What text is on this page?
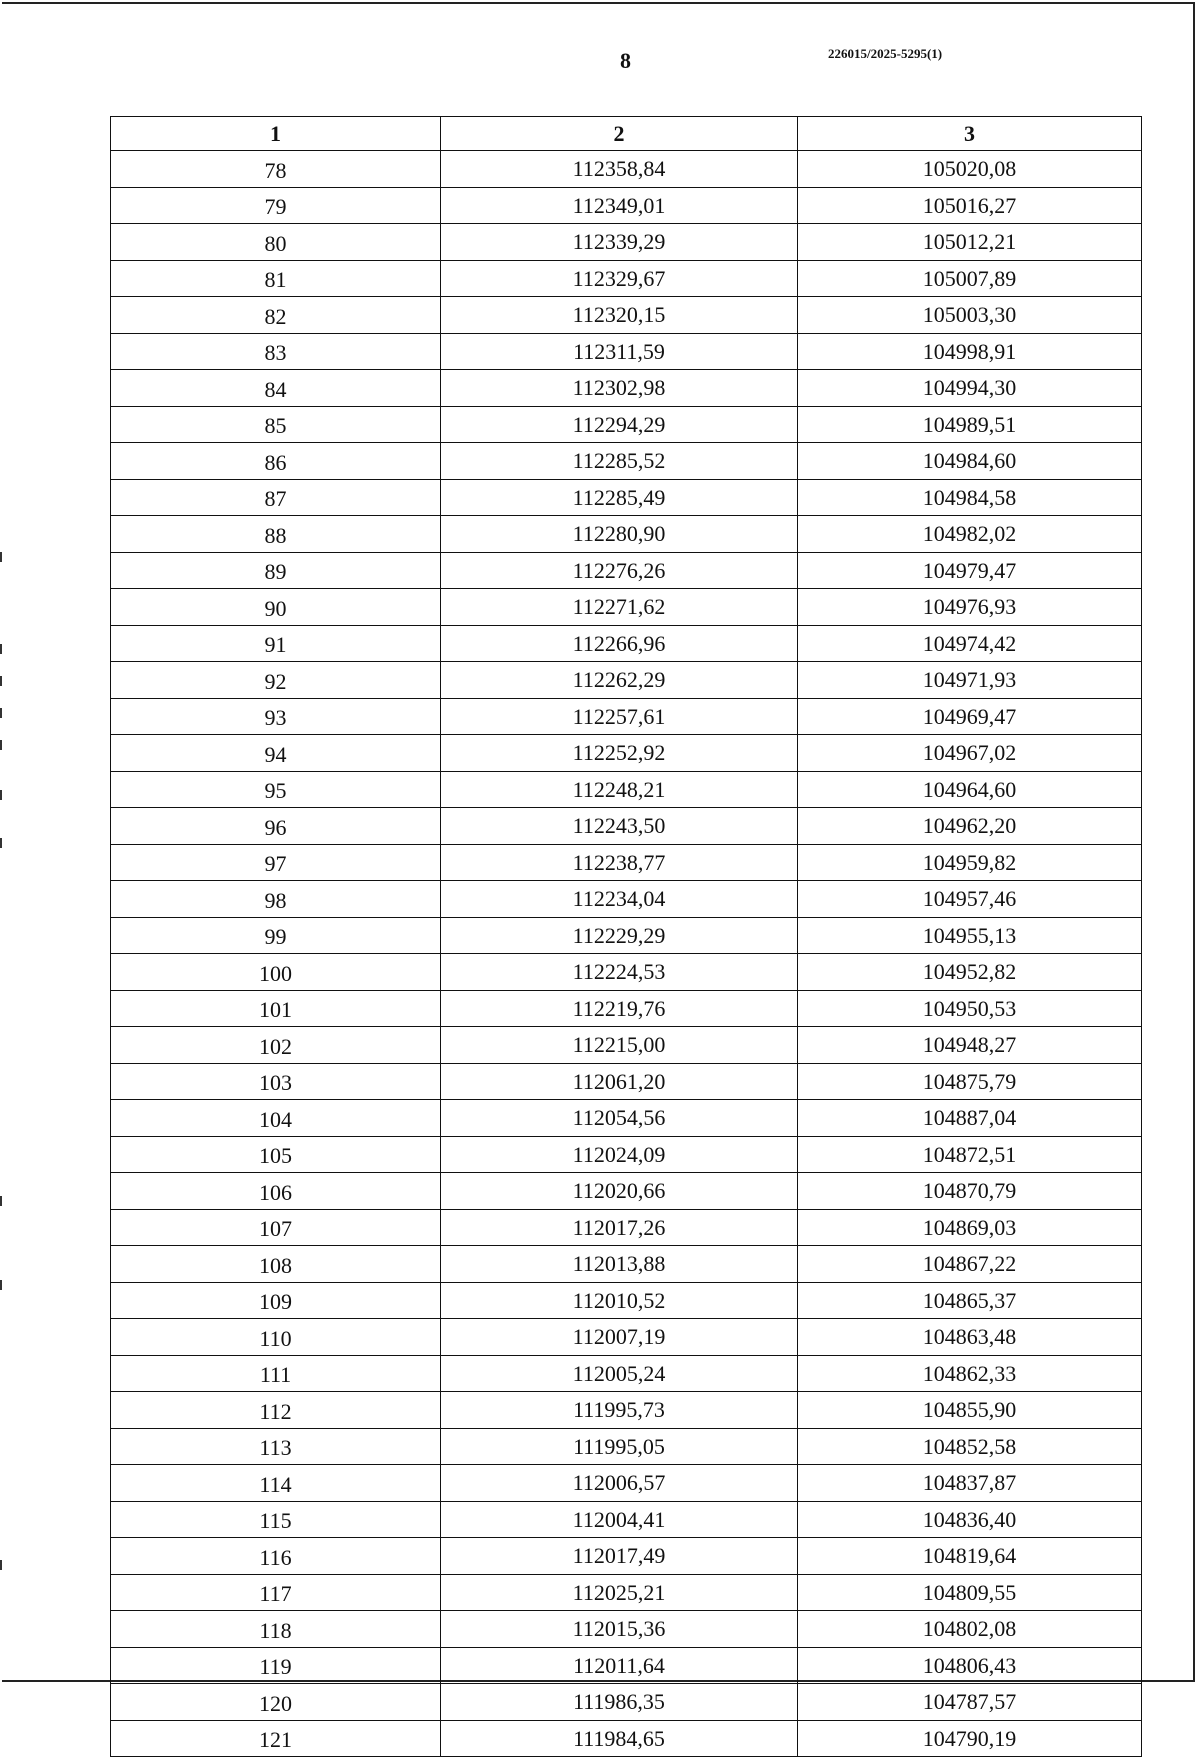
8	226015/2025-5295(1)
1	2	3
78	112358,84	105020,08
79	112349,01	105016,27
80	112339,29	105012,21
81	112329,67	105007,89
82	112320,15	105003,30
83	112311,59	104998,91
84	112302,98	104994,30
85	112294,29	104989,51
86	112285,52	104984,60
87	112285,49	104984,58
88	112280,90	104982,02
89	112276,26	104979,47
90	112271,62	104976,93
91	112266,96	104974,42
92	112262,29	104971,93
93	112257,61	104969,47
94	112252,92	104967,02
95	112248,21	104964,60
96	112243,50	104962,20
97	112238,77	104959,82
98	112234,04	104957,46
99	112229,29	104955,13
100	112224,53	104952,82
101	112219,76	104950,53
102	112215,00	104948,27
103	112061,20	104875,79
104	112054,56	104887,04
105	112024,09	104872,51
106	112020,66	104870,79
107	112017,26	104869,03
108	112013,88	104867,22
109	112010,52	104865,37
110	112007,19	104863,48
111	112005,24	104862,33
112	111995,73	104855,90
113	111995,05	104852,58
114	112006,57	104837,87
115	112004,41	104836,40
116	112017,49	104819,64
117	112025,21	104809,55
118	112015,36	104802,08
119	112011,64	104806,43
120	111986,35	104787,57
121	111984,65	104790,19
